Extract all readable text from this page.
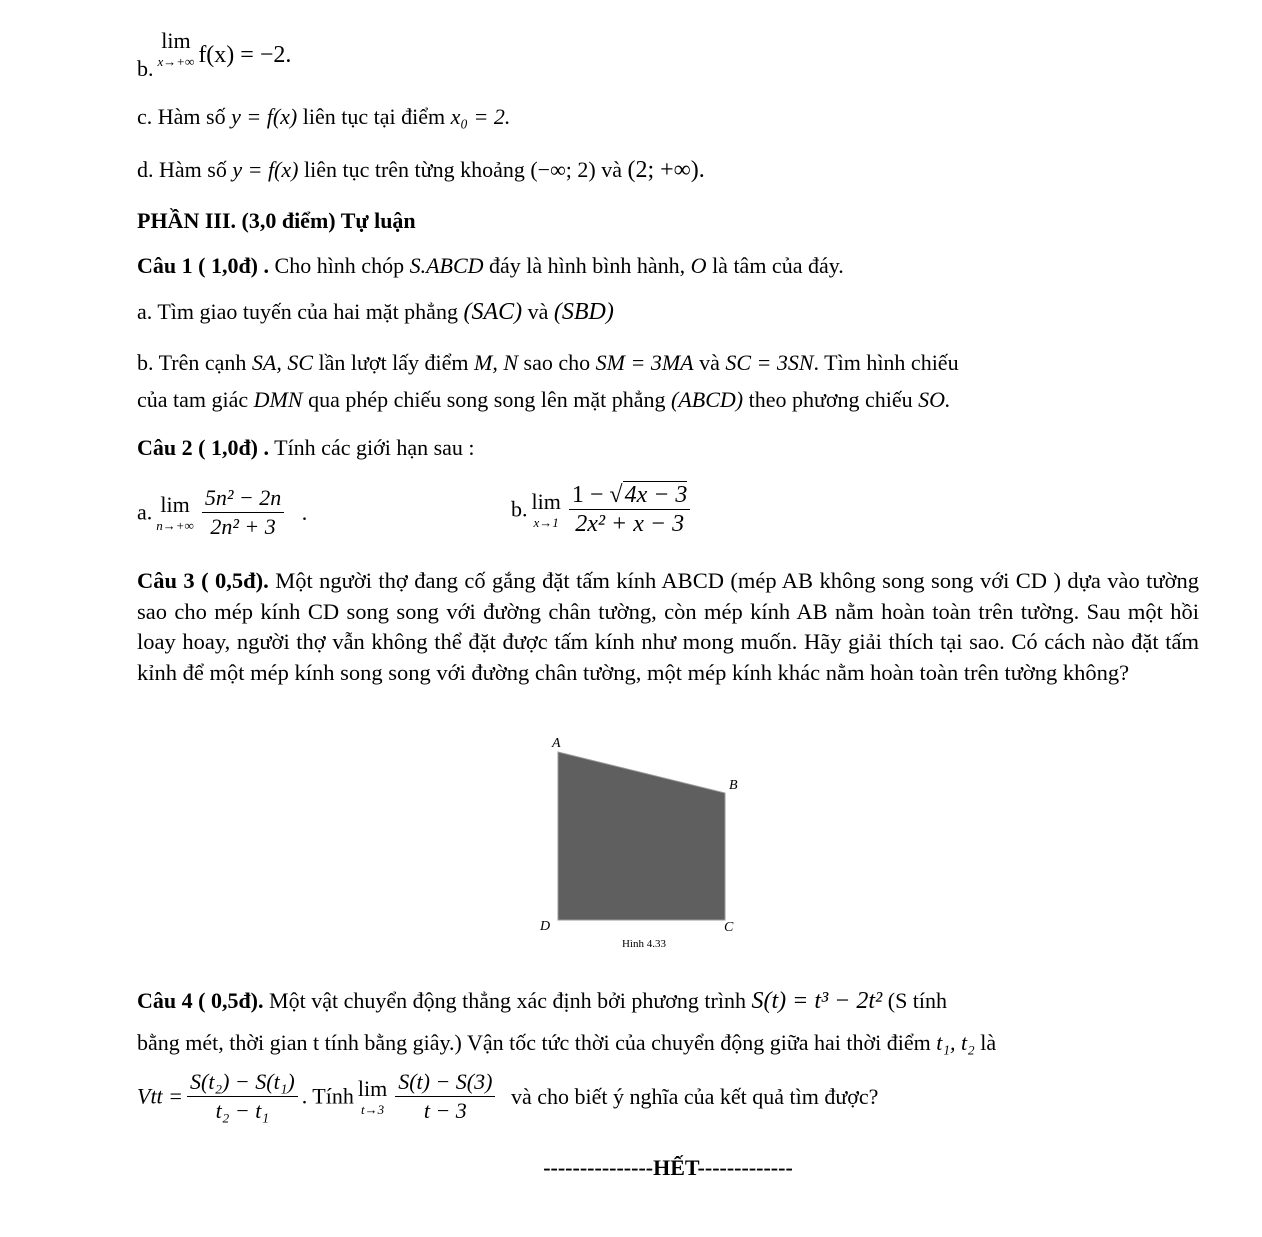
b.
lim
x→+∞ f(x) = −2.
c. Hàm số y = f(x) liên tục tại điểm x₀ = 2.
d. Hàm số y = f(x) liên tục trên từng khoảng (−∞; 2) và (2; +∞).
PHẦN III. (3,0 điểm) Tự luận
Câu 1 ( 1,0đ) . Cho hình chóp S.ABCD đáy là hình bình hành, O là tâm của đáy.
a. Tìm giao tuyến của hai mặt phẳng (SAC) và (SBD)
b. Trên cạnh SA, SC lần lượt lấy điểm M, N sao cho SM = 3MA và SC = 3SN. Tìm hình chiếu
của tam giác DMN qua phép chiếu song song lên mặt phẳng (ABCD) theo phương chiếu SO.
Câu 2 ( 1,0đ) . Tính các giới hạn sau :
a. lim
$n\to+\infty \frac{\text{5n² − 2n}}{\text{2n² + 3}}$ .	b. lim
$x\to 1 \frac{1 - √4x - 3}{\text{2x² + x − 3}}$
Câu 3 ( 0,5đ). Một người thợ đang cố gắng đặt tấm kính ABCD (mép AB không song song với CD ) dựa vào tường sao cho mép kính CD song song với đường chân tường, còn mép kính AB nằm hoàn toàn trên tường. Sau một hồi loay hoay, người thợ vẫn không thể đặt được tấm kính như mong muốn. Hãy giải thích tại sao. Có cách nào đặt tấm kỉnh để một mép kính song song với đường chân tường, một mép kính khác nằm hoàn toàn trên tường không?
A
B
C
D
Hình 4.33
Câu 4 ( 0,5đ). Một vật chuyển động thẳng xác định bởi phương trình S(t) = t³ − 2t² (S tính
bằng mét, thời gian t tính bằng giây.) Vận tốc tức thời của chuyển động giữa hai thời điểm t₁, t₂ là
Vtt = $\frac{\text{S(t₂) − S(t₁)}}{\text{t₂ − t₁}}$ . Tính lim
$t\to 3 \frac{S(t) - S(3)}{t - 3}$ và cho biết ý nghĩa của kết quả tìm được?
---------------HẾT-------------
